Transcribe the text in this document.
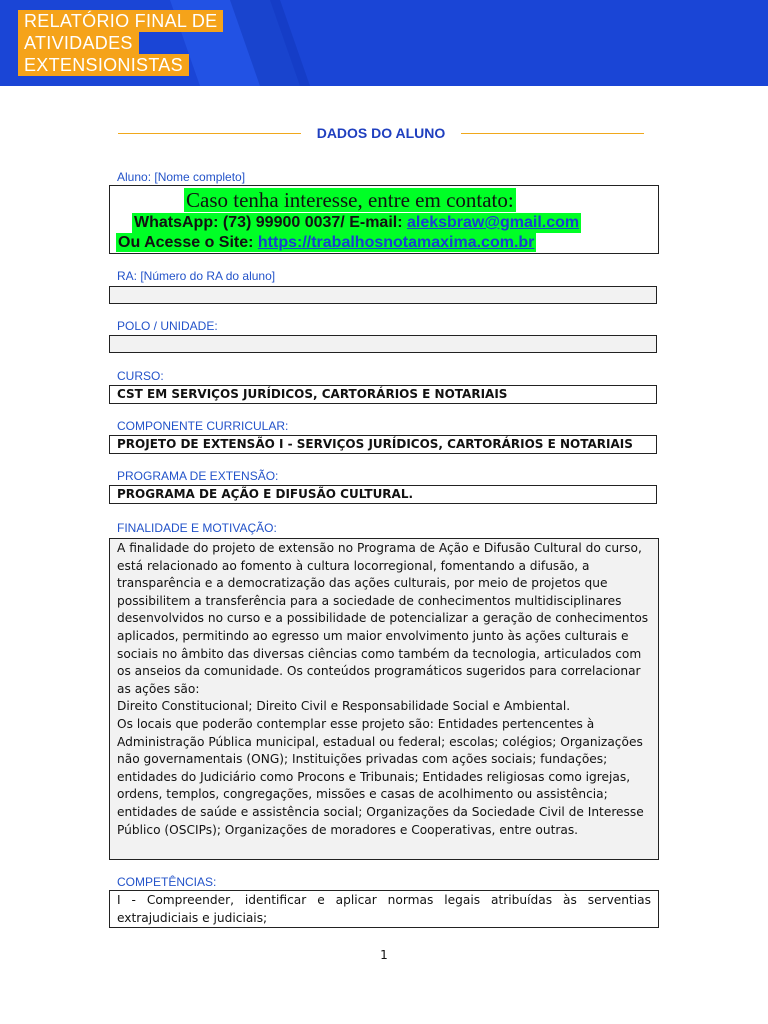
RELATÓRIO FINAL DE
ATIVIDADES
EXTENSIONISTAS
DADOS DO ALUNO
Aluno: [Nome completo]
Caso tenha interesse, entre em contato:
WhatsApp: (73) 99900 0037/ E-mail: aleksbraw@gmail.com
Ou Acesse o Site: https://trabalhosnotamaxima.com.br
RA: [Número do RA do aluno]
POLO / UNIDADE:
CURSO:
CST EM SERVIÇOS JURÍDICOS, CARTORÁRIOS E NOTARIAIS
COMPONENTE CURRICULAR:
PROJETO DE EXTENSÃO I - SERVIÇOS JURÍDICOS, CARTORÁRIOS E NOTARIAIS
PROGRAMA DE EXTENSÃO:
PROGRAMA DE AÇÃO E DIFUSÃO CULTURAL.
FINALIDADE E MOTIVAÇÃO:

A finalidade do projeto de extensão no Programa de Ação e Difusão Cultural do curso, está relacionado ao fomento à cultura locorregional, fomentando a difusão, a transparência e a democratização das ações culturais, por meio de projetos que possibilitem a transferência para a sociedade de conhecimentos multidisciplinares desenvolvidos no curso e a possibilidade de potencializar a geração de conhecimentos aplicados, permitindo ao egresso um maior envolvimento junto às ações culturais e sociais no âmbito das diversas ciências como também da tecnologia, articulados com os anseios da comunidade. Os conteúdos programáticos sugeridos para correlacionar as ações são:

Direito Constitucional; Direito Civil e Responsabilidade Social e Ambiental.

Os locais que poderão contemplar esse projeto são: Entidades pertencentes à Administração Pública municipal, estadual ou federal; escolas; colégios; Organizações não governamentais (ONG); Instituições privadas com ações sociais; fundações; entidades do Judiciário como Procons e Tribunais; Entidades religiosas como igrejas, ordens, templos, congregações, missões e casas de acolhimento ou assistência; entidades de saúde e assistência social; Organizações da Sociedade Civil de Interesse Público (OSCIPs); Organizações de moradores e Cooperativas, entre outras.

COMPETÊNCIAS:

I - Compreender, identificar e aplicar normas legais atribuídas às serventias extrajudiciais e judiciais;

1
